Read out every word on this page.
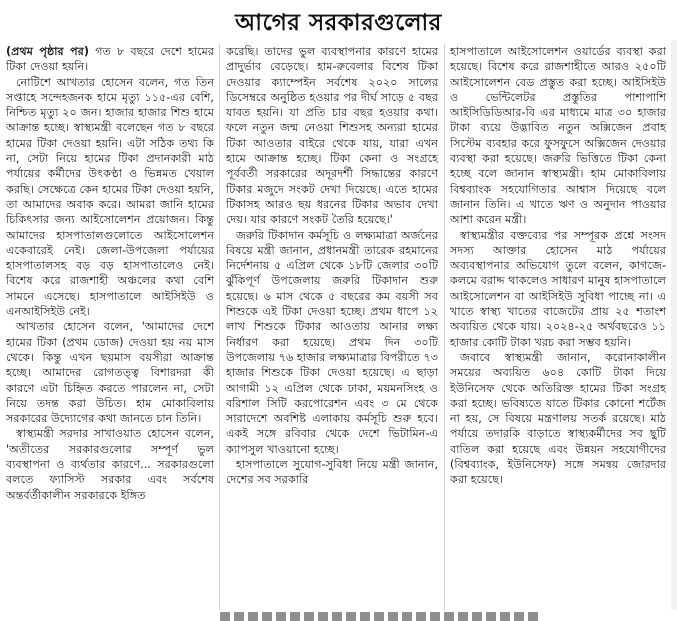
আগের সরকারগুলোর

(প্রথম পৃষ্ঠার পর) গত ৮ বছরে দেশে হামের টিকা দেওয়া হয়নি।

নোটিশে আখতার হোসেন বলেন, গত তিন সপ্তাহে সন্দেহজনক হামে মৃত্যু ১১৫-এর বেশি, নিশ্চিত মৃত্যু ২০ জন। হাজার হাজার শিশু হামে আক্রান্ত হচ্ছে। স্বাস্থ্যমন্ত্রী বলেছেন গত ৮ বছরে হামের টিকা দেওয়া হয়নি। এটা সঠিক তথ্য কি না, সেটা নিয়ে হামের টিকা প্রদানকারী মাঠ পর্যায়ের কর্মীদের উৎকণ্ঠা ও ভিন্নমত খেয়াল করছি। সেক্ষেত্রে কেন হামের টিকা দেওয়া হয়নি, তা আমাদের অবাক করে। আমরা জানি হামের চিকিৎসার জন্য আইসোলেশন প্রয়োজন। কিন্তু আমাদের হাসপাতালগুলোতে আইসোলেশন একেবারেই নেই। জেলা-উপজেলা পর্যায়ের হাসপাতালসহ বড় বড় হাসপাতালেও নেই। বিশেষ করে রাজশাহী অঞ্চলের কথা বেশি সামনে এসেছে। হাসপাতালে আইসিইউ ও এনআইসিইউ নেই।

আখতার হোসেন বলেন, 'আমাদের দেশে হামের টিকা (প্রথম ডোজ) দেওয়া হয় নয় মাস থেকে। কিন্তু এখন ছয়মাস বয়সীরা আক্রান্ত হচ্ছে। আমাদের রোগতত্ত্ব বিশারদরা কী কারণে এটা চিহ্নিত করতে পারলেন না, সেটা নিয়ে তদন্ত করা উচিত। হাম মোকাবিলায় সরকারের উদ্যোগের কথা জানতে চান তিনি।

স্বাস্থ্যমন্ত্রী সরদার সাখাওয়াত হোসেন বলেন, 'অতীতের সরকারগুলোর সম্পূর্ণ ভুল ব্যবস্থাপনা ও ব্যর্থতার কারণে... সরকারগুলো বলতে ফ্যাসিস্ট সরকার এবং সর্বশেষ অন্তর্বর্তীকালীন সরকারকে ইঙ্গিত

করেছি। তাদের ভুল ব্যবস্থাপনার কারণে হামের প্রাদুর্ভাব বেড়েছে। হাম-রুবেলার বিশেষ টিকা দেওয়ার ক্যাম্পেইন সর্বশেষ ২০২০ সালের ডিসেম্বরে অনুষ্ঠিত হওয়ার পর দীর্ঘ সাড়ে ৫ বছর যাবত হয়নি। যা প্রতি চার বছর হওয়ার কথা। ফলে নতুন জন্ম নেওয়া শিশুসহ অন্যরা হামের টিকা আওতার বাইরে থেকে যায়, যারা এখন হামে আক্রান্ত হচ্ছে। টিকা কেনা ও সংগ্রহে পূর্ববর্তী সরকারের অদূরদর্শী সিদ্ধান্তের কারণে টিকার মজুদে সংকট দেখা দিয়েছে। এতে হামের টিকাসহ আরও ছয় ধরনের টিকার অভাব দেখা দেয়। যার কারণে সংকট তৈরি হয়েছে।'

জরুরি টিকাদান কর্মসূচি ও লক্ষ্যমাত্রা অর্জনের বিষয়ে মন্ত্রী জানান, প্রধানমন্ত্রী তারেক রহমানের নির্দেশনায় ৫ এপ্রিল থেকে ১৮টি জেলার ৩০টি ঝুঁকিপূর্ণ উপজেলায় জরুরি টিকাদান শুরু হয়েছে। ৬ মাস থেকে ৫ বছরের কম বয়সী সব শিশুকে এই টিকা দেওয়া হচ্ছে। প্রথম ধাপে ১২ লাখ শিশুকে টিকার আওতায় আনার লক্ষ্য নির্ধারণ করা হয়েছে। প্রথম দিন ৩০টি উপজেলায় ৭৬ হাজার লক্ষ্যমাত্রার বিপরীতে ৭৩ হাজার শিশুকে টিকা দেওয়া হয়েছে। এ ছাড়া আগামী ১২ এপ্রিল থেকে ঢাকা, ময়মনসিংহ ও বরিশাল সিটি করপোরেশন এবং ৩ মে থেকে সারাদেশে অবশিষ্ট এলাকায় কর্মসূচি শুরু হবে। একই সঙ্গে রবিবার থেকে দেশে ভিটামিন-এ ক্যাপসুল খাওয়ানো হচ্ছে।

হাসপাতালে সুযোগ-সুবিধা নিয়ে মন্ত্রী জানান, দেশের সব সরকারি

হাসপাতালে আইসোলেশন ওয়ার্ডের ব্যবস্থা করা হয়েছে। বিশেষ করে রাজশাহীতে আরও ২৫০টি আইসোলেশন বেড প্রস্তুত করা হচ্ছে। আইসিইউ ও ভেন্টিলেটর প্রস্তুতির পাশাপাশি আইসিডিডিআর-বি এর মাধ্যমে মাত্র ৩০ হাজার টাকা ব্যয়ে উদ্ভাবিত নতুন অক্সিজেন প্রবাহ সিস্টেম ব্যবহার করে ফুসফুসে অক্সিজেন দেওয়ার ব্যবস্থা করা হয়েছে। জরুরি ভিত্তিতে টিকা কেনা হচ্ছে বলে জানান স্বাস্থ্যমন্ত্রী। হাম মোকাবিলায় বিশ্বব্যাংক সহযোগিতার আশ্বাস দিয়েছে বলে জানান তিনি। এ খাতে ঋণ ও অনুদান পাওয়ার আশা করেন মন্ত্রী।

স্বাস্থ্যমন্ত্রীর বক্তব্যের পর সম্পূরক প্রশ্নে সংসদ সদস্য আক্তার হোসেন মাঠ পর্যায়ের অব্যবস্থাপনার অভিযোগ তুলে বলেন, কাগজে-কলমে বরাদ্দ থাকলেও সাধারণ মানুষ হাসপাতালে আইসোলেশন বা আইসিইউ সুবিধা পাচ্ছে না। এ খাতে স্বাস্থ্য খাতের বাজেটের প্রায় ২৫ শতাংশ অব্যয়িত থেকে যায়। ২০২৪-২৫ অর্থবছরেও ১১ হাজার কোটি টাকা খরচ করা সম্ভব হয়নি।

জবাবে স্বাস্থ্যমন্ত্রী জানান, করোনাকালীন সময়ের অব্যয়িত ৬০৪ কোটি টাকা দিয়ে ইউনিসেফ থেকে অতিরিক্ত হামের টিকা সংগ্রহ করা হচ্ছে। ভবিষ্যতে যাতে টিকার কোনো শর্টেজ না হয়, সে বিষয়ে মন্ত্রণালয় সতর্ক রয়েছে। মাঠ পর্যায়ে তদারকি বাড়াতে স্বাস্থ্যকর্মীদের সব ছুটি বাতিল করা হয়েছে এবং উন্নয়ন সহযোগীদের (বিশ্বব্যাংক, ইউনিসেফ) সঙ্গে সমন্বয় জোরদার করা হয়েছে।
